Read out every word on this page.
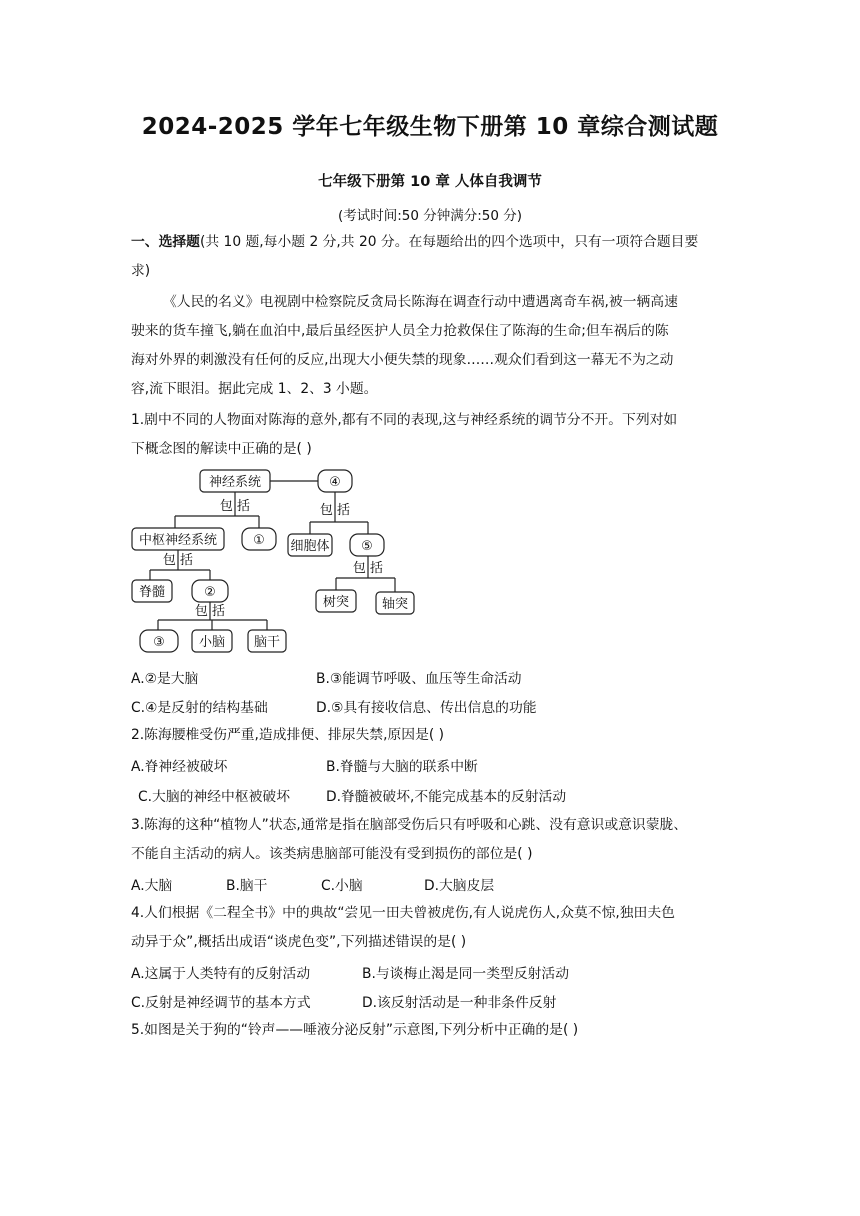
2024-2025 学年七年级生物下册第 10 章综合测试题
七年级下册第 10 章 人体自我调节
(考试时间:50 分钟满分:50 分)
一、选择题(共 10 题,每小题 2 分,共 20 分。在每题给出的四个选项中，只有一项符合题目要
求)
《人民的名义》电视剧中检察院反贪局长陈海在调查行动中遭遇离奇车祸,被一辆高速
驶来的货车撞飞,躺在血泊中,最后虽经医护人员全力抢救保住了陈海的生命;但车祸后的陈
海对外界的刺激没有任何的反应,出现大小便失禁的现象……观众们看到这一幕无不为之动
容,流下眼泪。据此完成 1、2、3 小题。
1.剧中不同的人物面对陈海的意外,都有不同的表现,这与神经系统的调节分不开。下列对如
下概念图的解读中正确的是( )
神经系统	④
包 括	包 括
中枢神经系统	① 细胞体 ⑤
包 括
包 括
脊髓	②
树突	轴突
包 括
③	小脑 脑干
A.②是大脑	B.③能调节呼吸、血压等生命活动
C.④是反射的结构基础	D.⑤具有接收信息、传出信息的功能
2.陈海腰椎受伤严重,造成排便、排尿失禁,原因是( )
A.脊神经被破坏	B.脊髓与大脑的联系中断
C.大脑的神经中枢被破坏	D.脊髓被破坏,不能完成基本的反射活动
3.陈海的这种“植物人”状态,通常是指在脑部受伤后只有呼吸和心跳、没有意识或意识蒙胧、
不能自主活动的病人。该类病患脑部可能没有受到损伤的部位是( )
A.大脑	B.脑干	C.小脑	D.大脑皮层
4.人们根据《二程全书》中的典故“尝见一田夫曾被虎伤,有人说虎伤人,众莫不惊,独田夫色
动异于众”,概括出成语“谈虎色变”,下列描述错误的是( )
A.这属于人类特有的反射活动	B.与谈梅止渴是同一类型反射活动
C.反射是神经调节的基本方式	D.该反射活动是一种非条件反射
5.如图是关于狗的“铃声——唾液分泌反射”示意图,下列分析中正确的是( )
